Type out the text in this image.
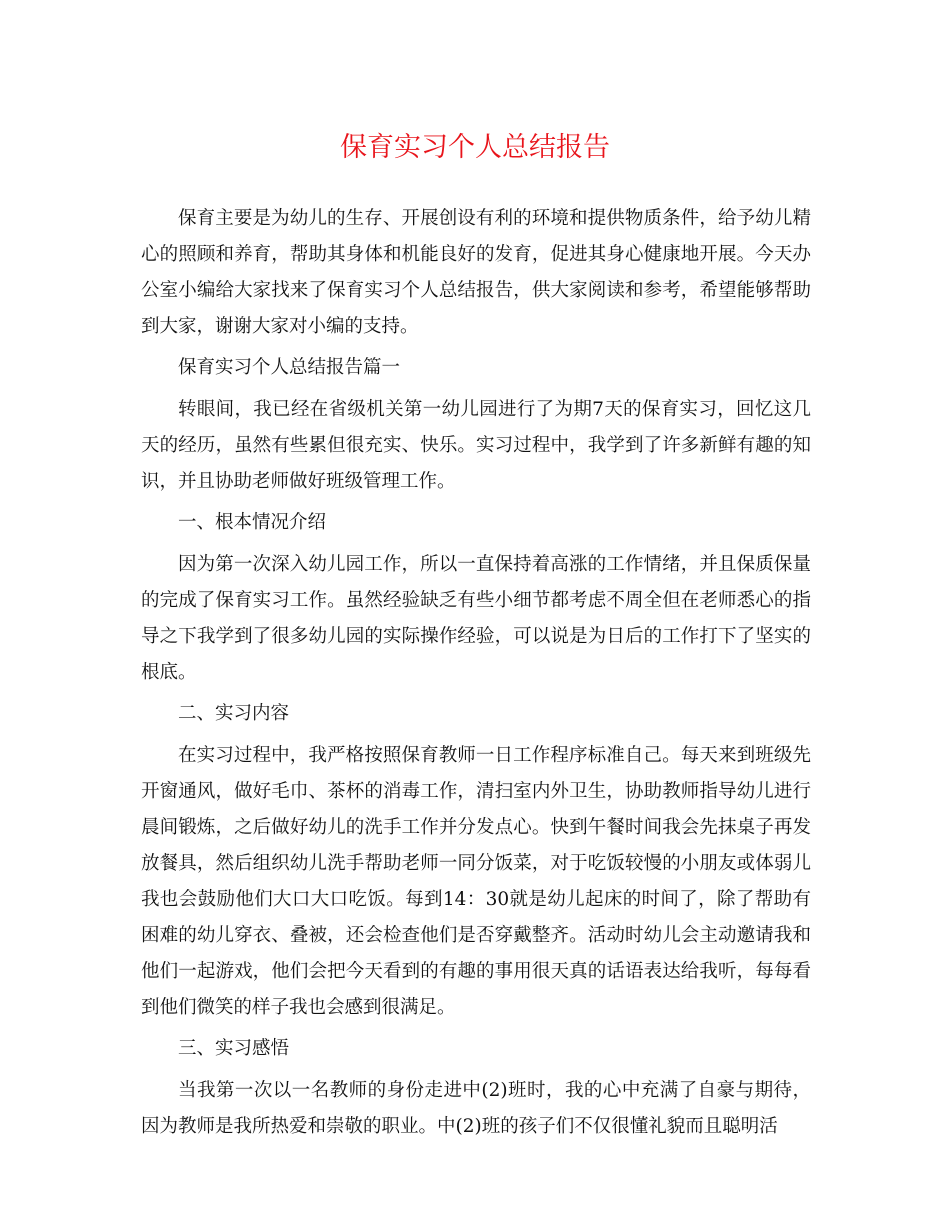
保育实习个人总结报告

保育主要是为幼儿的生存、开展创设有利的环境和提供物质条件，给予幼儿精心的照顾和养育，帮助其身体和机能良好的发育，促进其身心健康地开展。今天办公室小编给大家找来了保育实习个人总结报告，供大家阅读和参考，希望能够帮助到大家，谢谢大家对小编的支持。

保育实习个人总结报告篇一

转眼间，我已经在省级机关第一幼儿园进行了为期7天的保育实习，回忆这几天的经历，虽然有些累但很充实、快乐。实习过程中，我学到了许多新鲜有趣的知识，并且协助老师做好班级管理工作。

一、根本情况介绍

因为第一次深入幼儿园工作，所以一直保持着高涨的工作情绪，并且保质保量的完成了保育实习工作。虽然经验缺乏有些小细节都考虑不周全但在老师悉心的指导之下我学到了很多幼儿园的实际操作经验，可以说是为日后的工作打下了坚实的根底。

二、实习内容

在实习过程中，我严格按照保育教师一日工作程序标准自己。每天来到班级先开窗通风，做好毛巾、茶杯的消毒工作，清扫室内外卫生，协助教师指导幼儿进行晨间锻炼，之后做好幼儿的洗手工作并分发点心。快到午餐时间我会先抹桌子再发放餐具，然后组织幼儿洗手帮助老师一同分饭菜，对于吃饭较慢的小朋友或体弱儿我也会鼓励他们大口大口吃饭。每到14：30就是幼儿起床的时间了，除了帮助有困难的幼儿穿衣、叠被，还会检查他们是否穿戴整齐。活动时幼儿会主动邀请我和他们一起游戏，他们会把今天看到的有趣的事用很天真的话语表达给我听，每每看到他们微笑的样子我也会感到很满足。

三、实习感悟

当我第一次以一名教师的身份走进中(2)班时，我的心中充满了自豪与期待，因为教师是我所热爱和崇敬的职业。中(2)班的孩子们不仅很懂礼貌而且聪明活
